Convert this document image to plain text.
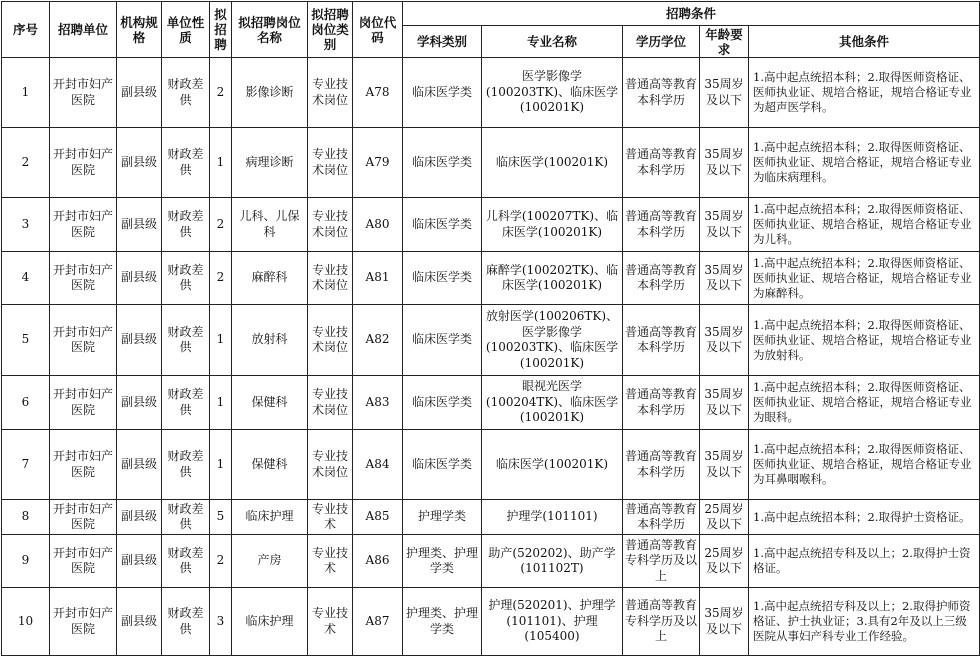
序号	招聘单位	机构规格	单位性质	拟招聘	拟招聘岗位名称	拟招聘岗位类别	岗位代码	招聘条件				
								学科类别	专业名称	学历学位	年龄要求	其他条件
1	开封市妇产医院	副县级	财政差供	2	影像诊断	专业技术岗位	A78	临床医学类	医学影像学(100203TK)、临床医学(100201K)	普通高等教育本科学历	35周岁及以下	1.高中起点统招本科；2.取得医师资格证、医师执业证、规培合格证，规培合格证专业为超声医学科。
2	开封市妇产医院	副县级	财政差供	1	病理诊断	专业技术岗位	A79	临床医学类	临床医学(100201K)	普通高等教育本科学历	35周岁及以下	1.高中起点统招本科；2.取得医师资格证、医师执业证、规培合格证，规培合格证专业为临床病理科。
3	开封市妇产医院	副县级	财政差供	2	儿科、儿保科	专业技术岗位	A80	临床医学类	儿科学(100207TK)、临床医学(100201K)	普通高等教育本科学历	35周岁及以下	1.高中起点统招本科；2.取得医师资格证、医师执业证、规培合格证，规培合格证专业为儿科。
4	开封市妇产医院	副县级	财政差供	2	麻醉科	专业技术岗位	A81	临床医学类	麻醉学(100202TK)、临床医学(100201K)	普通高等教育本科学历	35周岁及以下	1.高中起点统招本科；2.取得医师资格证、医师执业证、规培合格证，规培合格证专业为麻醉科。
5	开封市妇产医院	副县级	财政差供	1	放射科	专业技术岗位	A82	临床医学类	放射医学(100206TK)、医学影像学(100203TK)、临床医学(100201K)	普通高等教育本科学历	35周岁及以下	1.高中起点统招本科；2.取得医师资格证、医师执业证、规培合格证，规培合格证专业为放射科。
6	开封市妇产医院	副县级	财政差供	1	保健科	专业技术岗位	A83	临床医学类	眼视光医学(100204TK)、临床医学(100201K)	普通高等教育本科学历	35周岁及以下	1.高中起点统招本科；2.取得医师资格证、医师执业证、规培合格证，规培合格证专业为眼科。
7	开封市妇产医院	副县级	财政差供	1	保健科	专业技术岗位	A84	临床医学类	临床医学(100201K)	普通高等教育本科学历	35周岁及以下	1.高中起点统招本科；2.取得医师资格证、医师执业证、规培合格证，规培合格证专业为耳鼻咽喉科。
8	开封市妇产医院	副县级	财政差供	5	临床护理	专业技术	A85	护理学类	护理学(101101)	普通高等教育本科学历	25周岁及以下	1.高中起点统招本科；2.取得护士资格证。
9	开封市妇产医院	副县级	财政差供	2	产房	专业技术	A86	护理类、护理学类	助产(520202)、助产学(101102T)	普通高等教育专科学历及以上	25周岁及以下	1.高中起点统招专科及以上；2.取得护士资格证。
10	开封市妇产医院	副县级	财政差供	3	临床护理	专业技术	A87	护理类、护理学类	护理(520201)、护理学(101101)、护理(105400)	普通高等教育专科学历及以上	35周岁及以下	1.高中起点统招专科及以上；2.取得护师资格证、护士执业证；3.具有2年及以上三级医院从事妇产科专业工作经验。
